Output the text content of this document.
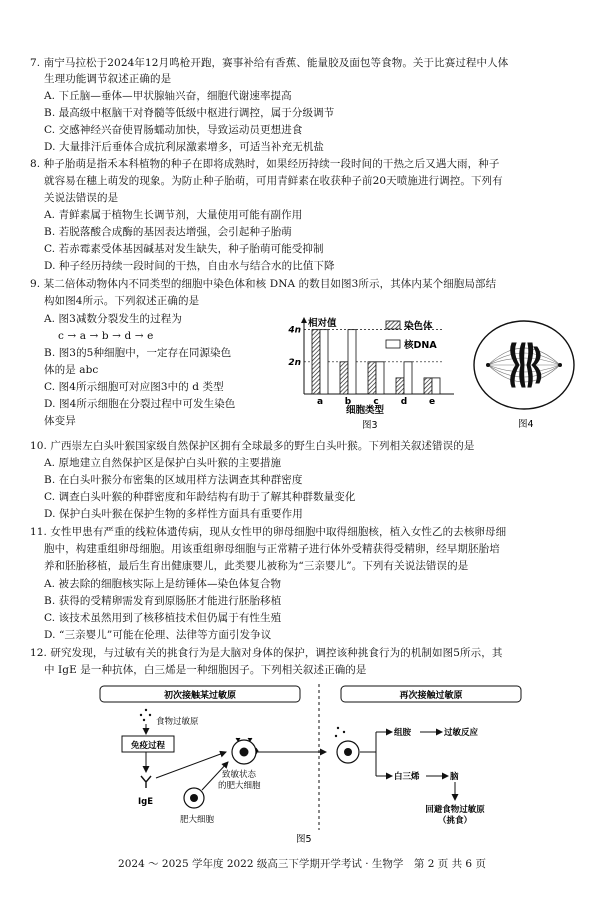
7. 南宁马拉松于2024年12月鸣枪开跑，赛事补给有香蕉、能量胶及面包等食物。关于比赛过程中人体
生理功能调节叙述正确的是
A. 下丘脑—垂体—甲状腺轴兴奋，细胞代谢速率提高
B. 最高级中枢脑干对脊髓等低级中枢进行调控，属于分级调节
C. 交感神经兴奋使胃肠蠕动加快，导致运动员更想进食
D. 大量排汗后垂体合成抗利尿激素增多，可适当补充无机盐
8. 种子胎萌是指禾本科植物的种子在即将成熟时，如果经历持续一段时间的干热之后又遇大雨，种子
就容易在穗上萌发的现象。为防止种子胎萌，可用青鲜素在收获种子前20天喷施进行调控。下列有
关说法错误的是
A. 青鲜素属于植物生长调节剂，大量使用可能有副作用
B. 若脱落酸合成酶的基因表达增强，会引起种子胎萌
C. 若赤霉素受体基因碱基对发生缺失，种子胎萌可能受抑制
D. 种子经历持续一段时间的干热，自由水与结合水的比值下降
9. 某二倍体动物体内不同类型的细胞中染色体和核 DNA 的数目如图3所示，其体内某个细胞局部结
构如图4所示。下列叙述正确的是
A. 图3减数分裂发生的过程为
c → a → b → d → e
B. 图3的5种细胞中，一定存在同源染色
体的是 abc
C. 图4所示细胞可对应图3中的 d 类型
D. 图4所示细胞在分裂过程中可发生染色
体变异
2n
4n
a b c d e
相对值
细胞类型
染色体
核DNA
图3	图4
10. 广西崇左白头叶猴国家级自然保护区拥有全球最多的野生白头叶猴。下列相关叙述错误的是
A. 原地建立自然保护区是保护白头叶猴的主要措施
B. 在白头叶猴分布密集的区域用样方法调查其种群密度
C. 调查白头叶猴的种群密度和年龄结构有助于了解其种群数量变化
D. 保护白头叶猴在保护生物的多样性方面具有重要作用
11. 女性甲患有严重的线粒体遗传病，现从女性甲的卵母细胞中取得细胞核，植入女性乙的去核卵母细
胞中，构建重组卵母细胞。用该重组卵母细胞与正常精子进行体外受精获得受精卵，经早期胚胎培
养和胚胎移植，最后生育出健康婴儿，此类婴儿被称为“三亲婴儿”。下列有关说法错误的是
A. 被去除的细胞核实际上是纺锤体—染色体复合物
B. 获得的受精卵需发育到原肠胚才能进行胚胎移植
C. 该技术虽然用到了核移植技术但仍属于有性生殖
D. “三亲婴儿”可能在伦理、法律等方面引发争议
12. 研究发现，与过敏有关的挑食行为是大脑对身体的保护，调控该种挑食行为的机制如图5所示，其
中 IgE 是一种抗体，白三烯是一种细胞因子。下列相关叙述正确的是
初次接触某过敏原	再次接触过敏原
食物过敏原
免疫过程
IgE
肥大细胞
致敏状态
的肥大细胞
组胺	过敏反应
白三烯	脑
回避食物过敏原
（挑食）
图5
2024 ～ 2025 学年度 2022 级高三下学期开学考试 · 生物学　第 2 页 共 6 页
